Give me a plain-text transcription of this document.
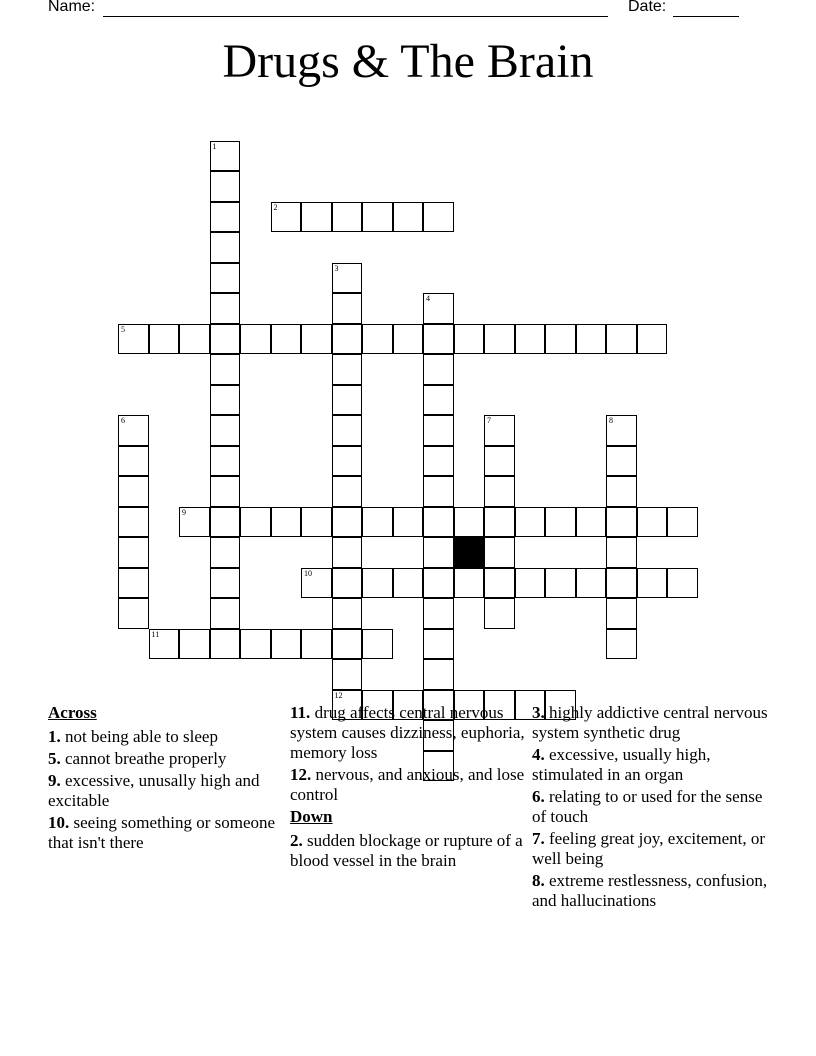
Name:	Date:
Drugs & The Brain
1
2
3
4
5
6	7	8
9
10
11
12
Across
1. not being able to sleep
5. cannot breathe properly
9. excessive, unusally high and excitable
10. seeing something or someone that isn't there
11. drug affects central nervous system causes dizziness, euphoria, memory loss
12. nervous, and anxious, and lose control
Down
2. sudden blockage or rupture of a blood vessel in the brain
3. highly addictive central nervous system synthetic drug
4. excessive, usually high, stimulated in an organ
6. relating to or used for the sense of touch
7. feeling great joy, excitement, or well being
8. extreme restlessness, confusion, and hallucinations
